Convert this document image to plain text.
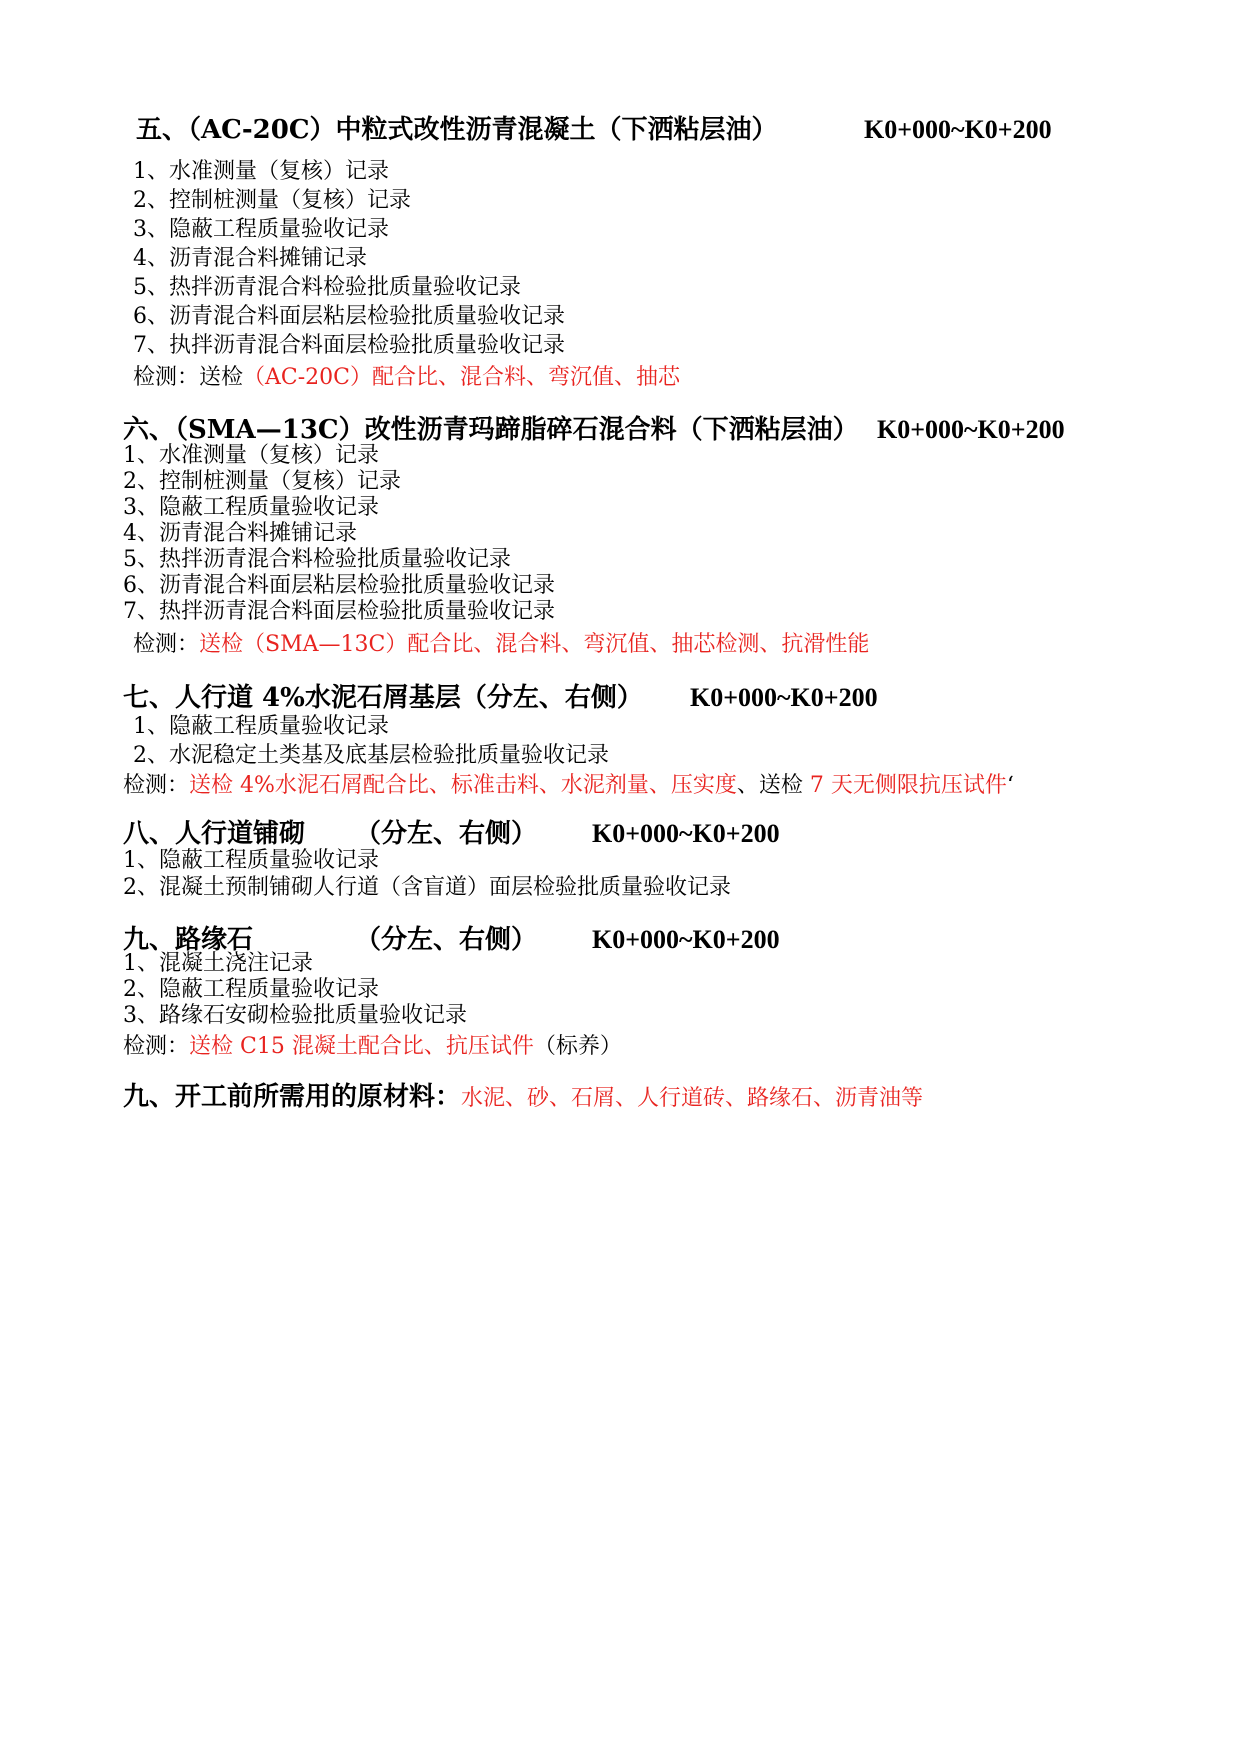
五、（AC-20C）中粒式改性沥青混凝土（下洒粘层油）	K0+000~K0+200
1、水准测量（复核）记录
2、控制桩测量（复核）记录
3、隐蔽工程质量验收记录
4、沥青混合料摊铺记录
5、热拌沥青混合料检验批质量验收记录
6、沥青混合料面层粘层检验批质量验收记录
7、执拌沥青混合料面层检验批质量验收记录
检测：送检（AC-20C）配合比、混合料、弯沉值、抽芯
六、（SMA—13C）改性沥青玛蹄脂碎石混合料（下洒粘层油） K0+000~K0+200
1、水准测量（复核）记录
2、控制桩测量（复核）记录
3、隐蔽工程质量验收记录
4、沥青混合料摊铺记录
5、热拌沥青混合料检验批质量验收记录
6、沥青混合料面层粘层检验批质量验收记录
7、热拌沥青混合料面层检验批质量验收记录
检测：送检（SMA—13C）配合比、混合料、弯沉值、抽芯检测、抗滑性能
七、人行道 4%水泥石屑基层（分左、右侧） K0+000~K0+200
1、隐蔽工程质量验收记录
2、水泥稳定土类基及底基层检验批质量验收记录
检测：送检 4%水泥石屑配合比、标准击料、水泥剂量、压实度、送检 7 天无侧限抗压试件‘
八、人行道铺砌 （分左、右侧） K0+000~K0+200
1、隐蔽工程质量验收记录
2、混凝土预制铺砌人行道（含盲道）面层检验批质量验收记录
九、路缘石	（分左、右侧） K0+000~K0+200
1、混凝土浇注记录
2、隐蔽工程质量验收记录
3、路缘石安砌检验批质量验收记录
检测：送检 C15 混凝土配合比、抗压试件（标养）
九、开工前所需用的原材料：水泥、砂、石屑、人行道砖、路缘石、沥青油等
